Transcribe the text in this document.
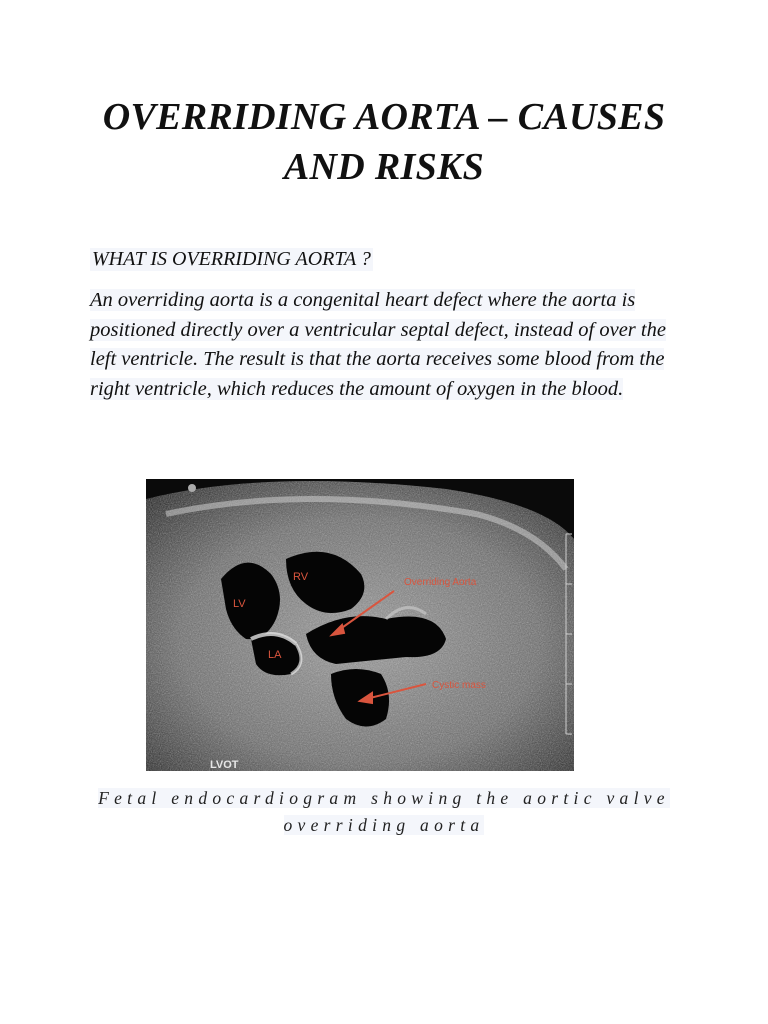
OVERRIDING AORTA – CAUSES AND RISKS

WHAT IS OVERRIDING AORTA ?

An overriding aorta is a congenital heart defect where the aorta is positioned directly over a ventricular septal defect, instead of over the left ventricle. The result is that the aorta receives some blood from the right ventricle, which reduces the amount of oxygen in the blood.

RV
LV
LA
Overriding Aorta
Cystic mass
LVOT

Fetal endocardiogram showing the aortic valve overriding aorta
